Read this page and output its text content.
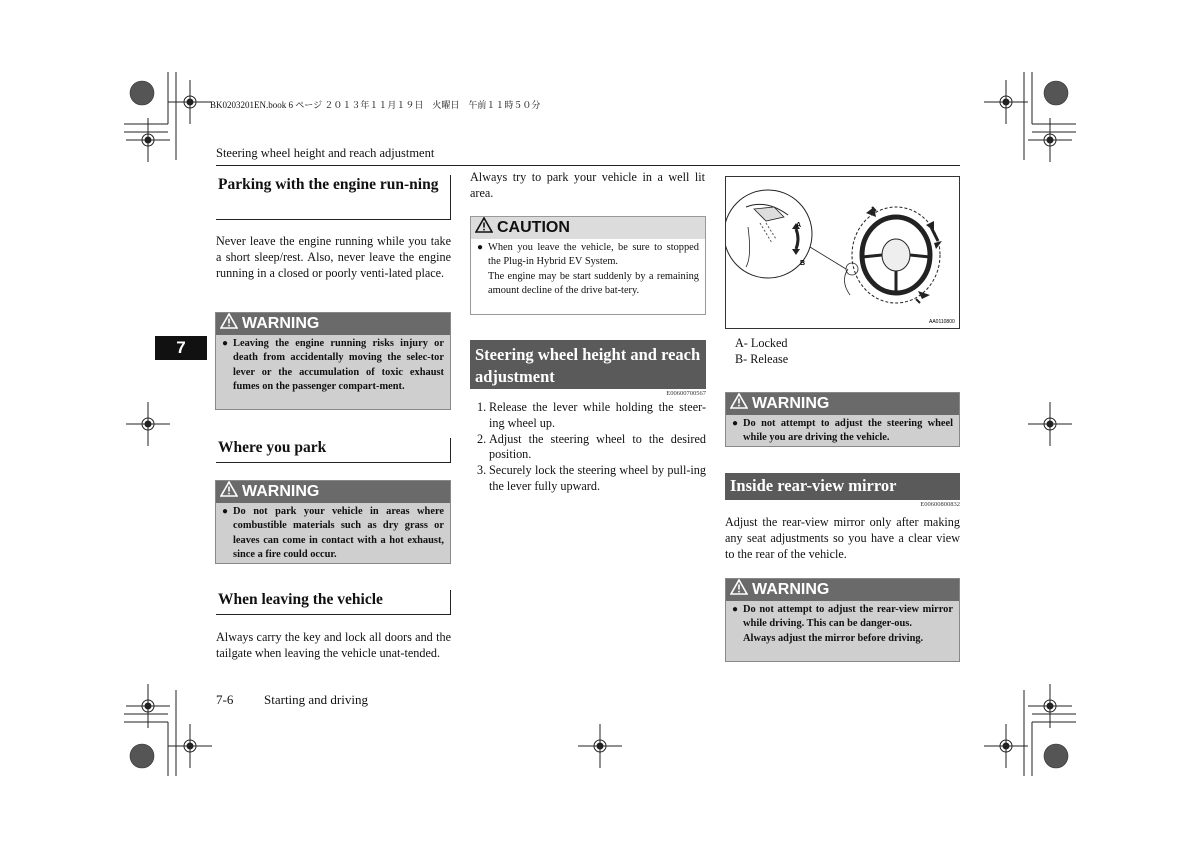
BK0203201EN.book 6 ページ ２０１３年１１月１９日　火曜日　午前１１時５０分
Steering wheel height and reach adjustment
7
Parking with the engine run-ning
Never leave the engine running while you take a short sleep/rest. Also, never leave the engine running in a closed or poorly venti-lated place.
WARNING
● Leaving the engine running risks injury or death from accidentally moving the selec-tor lever or the accumulation of toxic exhaust fumes on the passenger compart-ment.
Where you park
WARNING
● Do not park your vehicle in areas where combustible materials such as dry grass or leaves can come in contact with a hot exhaust, since a fire could occur.
When leaving the vehicle
Always carry the key and lock all doors and the tailgate when leaving the vehicle unat-tended.
Always try to park your vehicle in a well lit area.
CAUTION
● When you leave the vehicle, be sure to stopped the Plug-in Hybrid EV System.
The engine may be start suddenly by a remaining amount decline of the drive bat-tery.
Steering wheel height and reach adjustment
E00600700567
1. Release the lever while holding the steer-ing wheel up.
2. Adjust the steering wheel to the desired position.
3. Securely lock the steering wheel by pull-ing the lever fully upward.
A
B
AA0110800
A- Locked
B- Release
WARNING
● Do not attempt to adjust the steering wheel while you are driving the vehicle.
Inside rear-view mirror
E00600800832
Adjust the rear-view mirror only after making any seat adjustments so you have a clear view to the rear of the vehicle.
WARNING
● Do not attempt to adjust the rear-view mirror while driving. This can be danger-ous.
Always adjust the mirror before driving.
7-6 Starting and driving
